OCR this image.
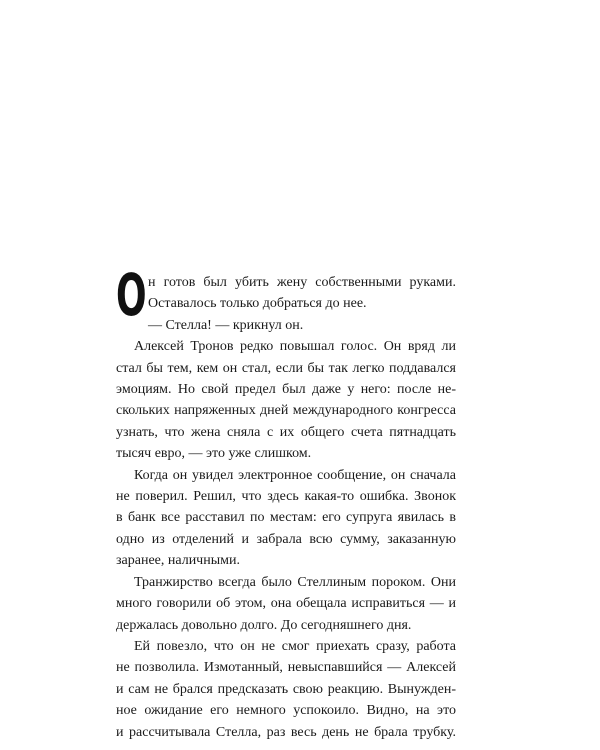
О н готов был убить жену собственными руками.
Оставалось только добраться до нее.
— Стелла! — крикнул он.
Алексей Тронов редко повышал голос. Он вряд ли
стал бы тем, кем он стал, если бы так легко поддавался
эмоциям. Но свой предел был даже у него: после не-
скольких напряженных дней международного конгресса
узнать, что жена сняла с их общего счета пятнадцать
тысяч евро, — это уже слишком.
Когда он увидел электронное сообщение, он сначала
не поверил. Решил, что здесь какая-то ошибка. Звонок
в банк все расставил по местам: его супруга явилась в
одно из отделений и забрала всю сумму, заказанную
заранее, наличными.
Транжирство всегда было Стеллиным пороком. Они
много говорили об этом, она обещала исправиться — и
держалась довольно долго. До сегодняшнего дня.
Ей повезло, что он не смог приехать сразу, работа
не позволила. Измотанный, невыспавшийся — Алексей
и сам не брался предсказать свою реакцию. Вынужден-
ное ожидание его немного успокоило. Видно, на это
и рассчитывала Стелла, раз весь день не брала трубку.
